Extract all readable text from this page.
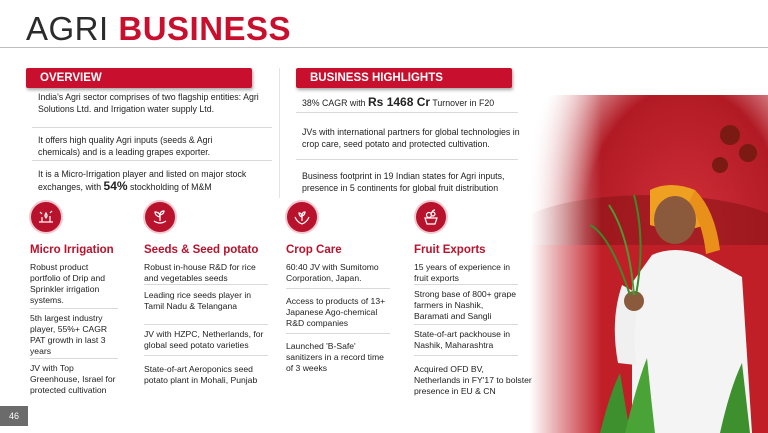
AGRI BUSINESS
OVERVIEW
India's Agri sector comprises of two flagship entities: Agri Solutions Ltd. and Irrigation water supply Ltd.
It offers high quality Agri inputs (seeds & Agri chemicals) and is a leading grapes exporter.
It is a Micro-Irrigation player and listed on major stock exchanges, with 54% stockholding of M&M
BUSINESS HIGHLIGHTS
38% CAGR with Rs 1468 Cr Turnover in F20
JVs with international partners for global technologies in crop care, seed potato and protected cultivation.
Business footprint in 19 Indian states for Agri inputs, presence in 5 continents for global fruit distribution
Micro Irrigation
Robust product portfolio of Drip and Sprinkler irrigation systems.
5th largest industry player, 55%+ CAGR PAT growth in last 3 years
JV with Top Greenhouse, Israel for protected cultivation
Seeds & Seed potato
Robust in-house R&D for rice and vegetables seeds
Leading rice seeds player in Tamil Nadu & Telangana
JV with HZPC, Netherlands, for global seed potato varieties
State-of-art Aeroponics seed potato plant in Mohali, Punjab
Crop Care
60:40 JV with Sumitomo Corporation, Japan.
Access to products of 13+ Japanese Ago-chemical R&D companies
Launched 'B-Safe' sanitizers in a record time of 3 weeks
Fruit Exports
15 years of experience in fruit exports
Strong base of 800+ grape farmers in Nashik, Baramati and Sangli
State-of-art packhouse in Nashik, Maharashtra
Acquired OFD BV, Netherlands in FY'17 to bolster presence in EU & CN
46
